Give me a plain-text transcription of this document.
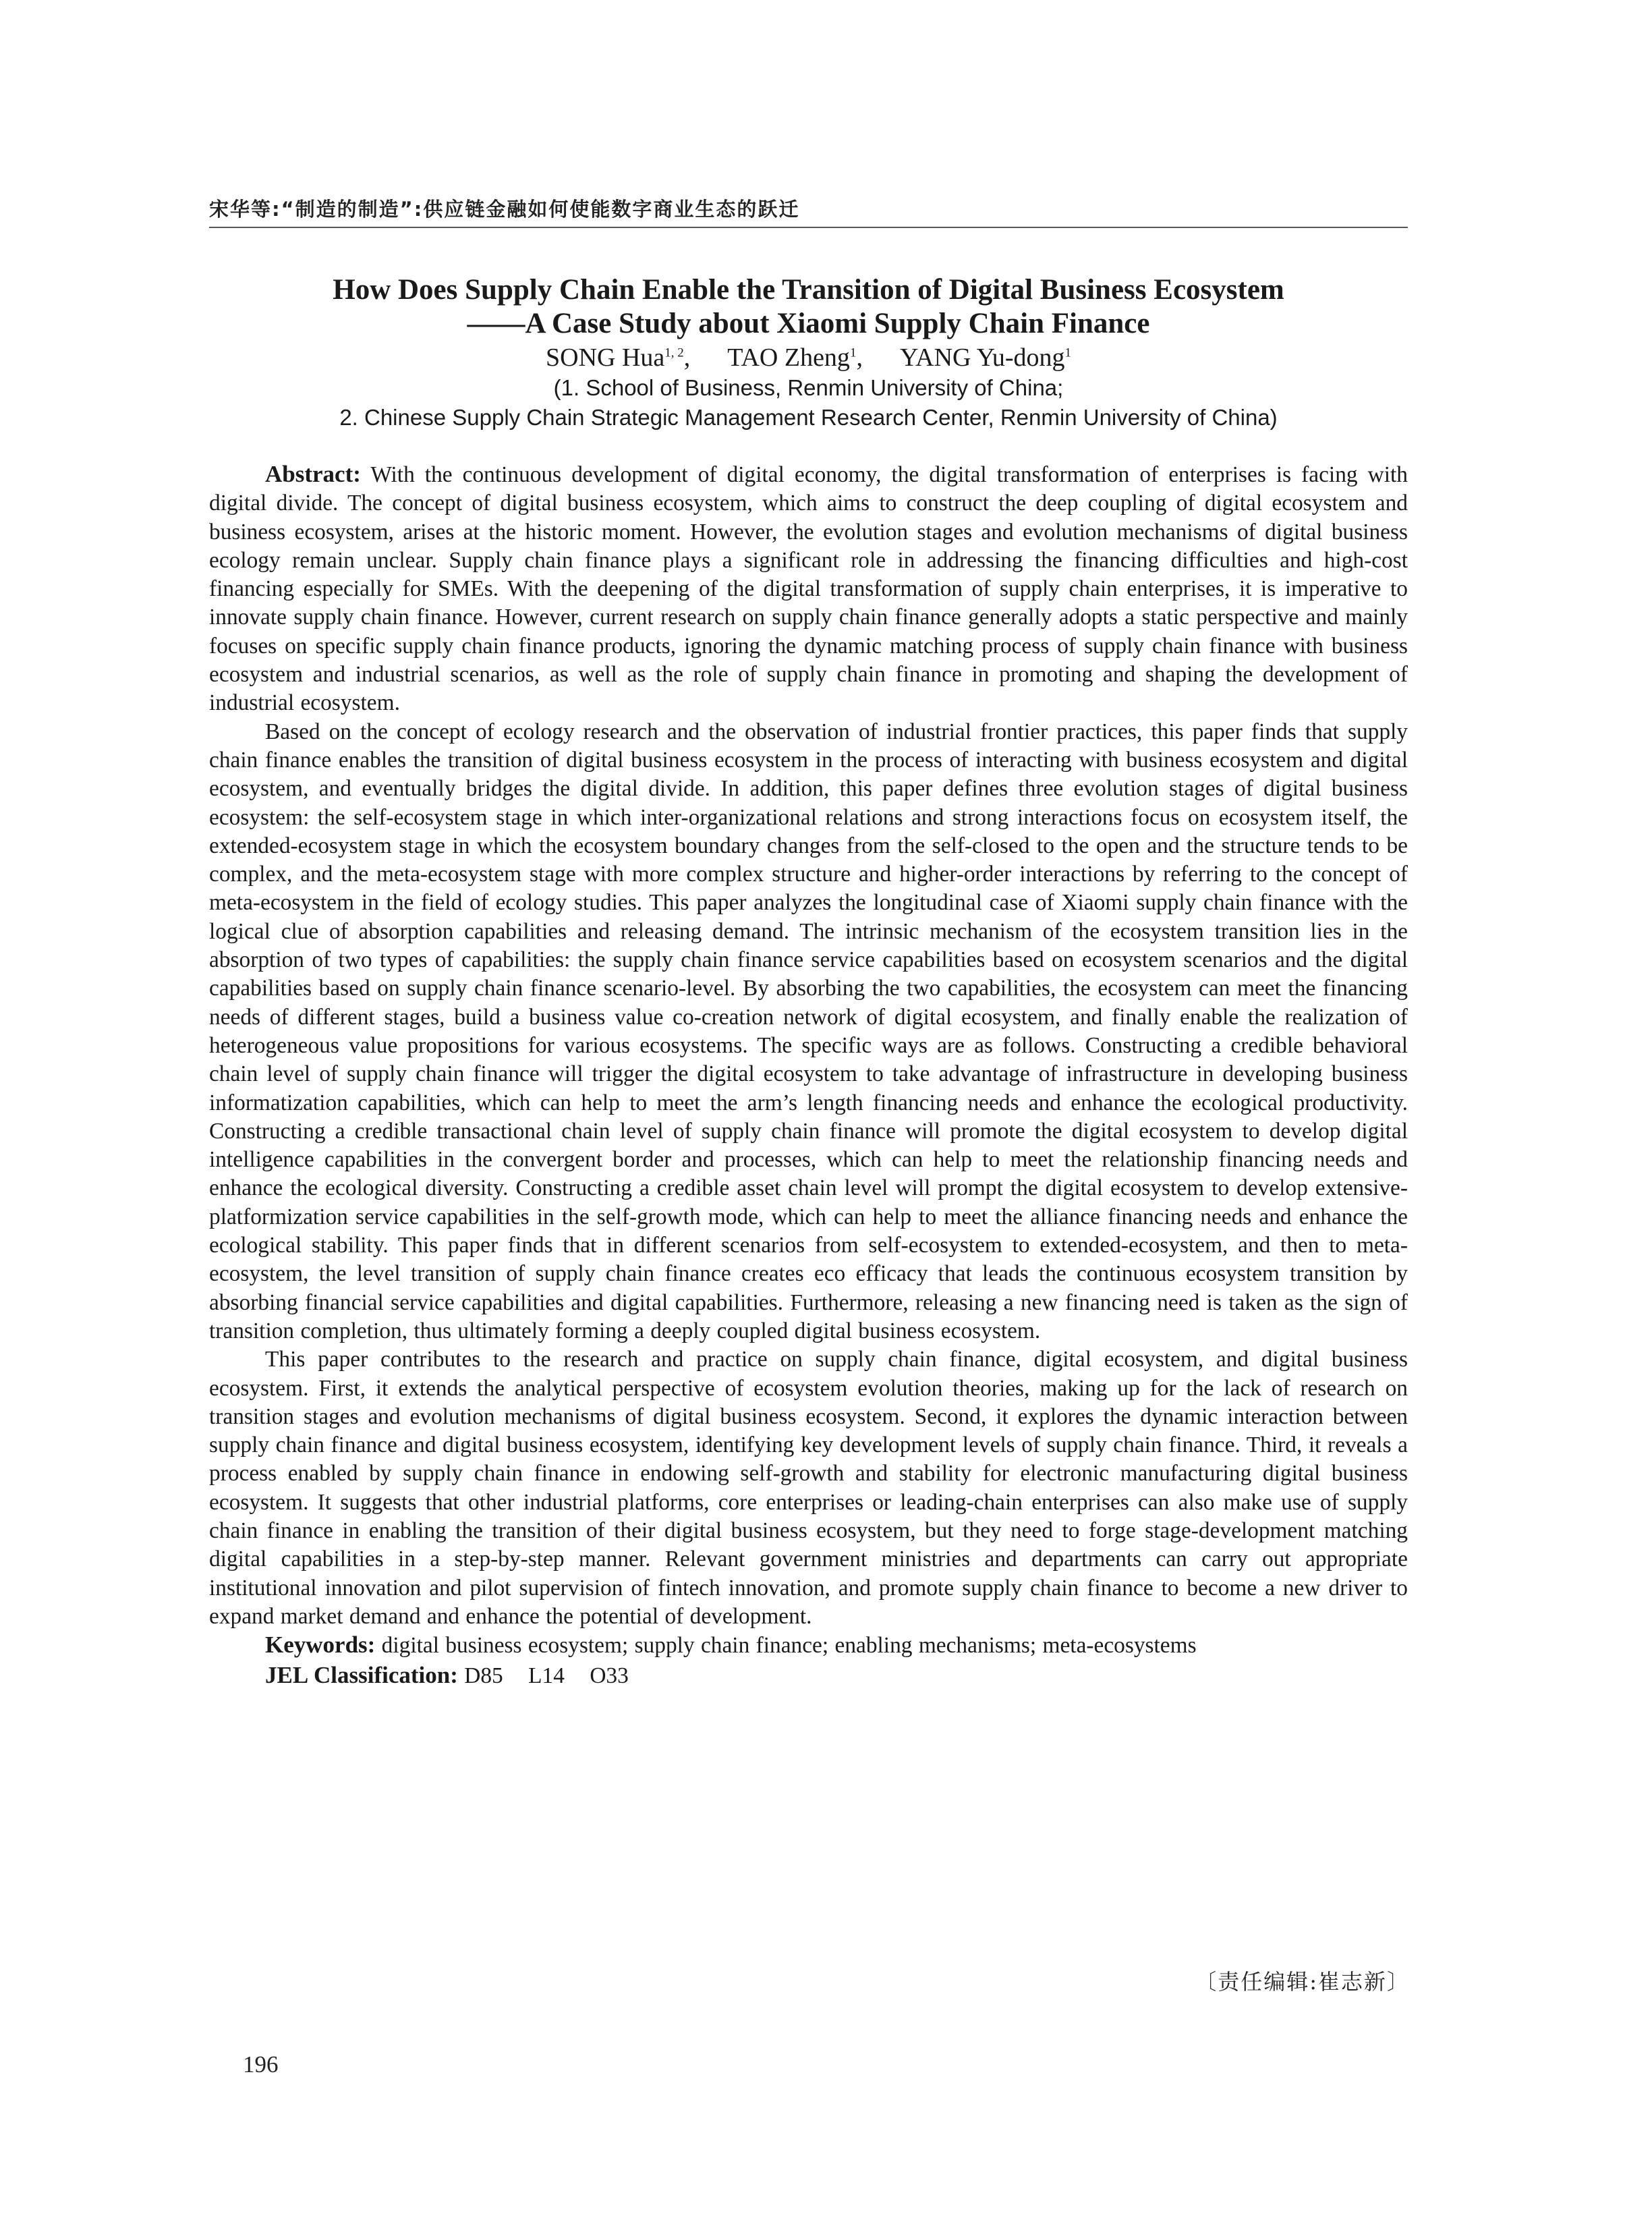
宋华等:“制造的制造”:供应链金融如何使能数字商业生态的跃迁
How Does Supply Chain Enable the Transition of Digital Business Ecosystem
——A Case Study about Xiaomi Supply Chain Finance
SONG Hua$^{1, 2}$, TAO Zheng$^1$, YANG Yu-dong$^1$
(1. School of Business, Renmin University of China;
2. Chinese Supply Chain Strategic Management Research Center, Renmin University of China)

Abstract: With the continuous development of digital economy, the digital transformation of enterprises is facing with digital divide. The concept of digital business ecosystem, which aims to construct the deep coupling of digital ecosystem and business ecosystem, arises at the historic moment. However, the evolution stages and evolution mechanisms of digital business ecology remain unclear. Supply chain finance plays a significant role in addressing the financing difficulties and high-cost financing especially for SMEs. With the deepening of the digital transformation of supply chain enterprises, it is imperative to innovate supply chain finance. However, current research on supply chain finance generally adopts a static perspective and mainly focuses on specific supply chain finance products, ignoring the dynamic matching process of supply chain finance with business ecosystem and industrial scenarios, as well as the role of supply chain finance in promoting and shaping the development of industrial ecosystem.

Based on the concept of ecology research and the observation of industrial frontier practices, this paper finds that supply chain finance enables the transition of digital business ecosystem in the process of interacting with business ecosystem and digital ecosystem, and eventually bridges the digital divide. In addition, this paper defines three evolution stages of digital business ecosystem: the self-ecosystem stage in which inter-organizational relations and strong interactions focus on ecosystem itself, the extended-ecosystem stage in which the ecosystem boundary changes from the self-closed to the open and the structure tends to be complex, and the meta-ecosystem stage with more complex structure and higher-order interactions by referring to the concept of meta-ecosystem in the field of ecology studies. This paper analyzes the longitudinal case of Xiaomi supply chain finance with the logical clue of absorption capabilities and releasing demand. The intrinsic mechanism of the ecosystem transition lies in the absorption of two types of capabilities: the supply chain finance service capabilities based on ecosystem scenarios and the digital capabilities based on supply chain finance scenario-level. By absorbing the two capabilities, the ecosystem can meet the financing needs of different stages, build a business value co-creation network of digital ecosystem, and finally enable the realization of heterogeneous value propositions for various ecosystems. The specific ways are as follows. Constructing a credible behavioral chain level of supply chain finance will trigger the digital ecosystem to take advantage of infrastructure in developing business informatization capabilities, which can help to meet the arm’s length financing needs and enhance the ecological productivity. Constructing a credible transactional chain level of supply chain finance will promote the digital ecosystem to develop digital intelligence capabilities in the convergent border and processes, which can help to meet the relationship financing needs and enhance the ecological diversity. Constructing a credible asset chain level will prompt the digital ecosystem to develop extensive-platformization service capabilities in the self-growth mode, which can help to meet the alliance financing needs and enhance the ecological stability. This paper finds that in different scenarios from self-ecosystem to extended-ecosystem, and then to meta-ecosystem, the level transition of supply chain finance creates eco efficacy that leads the continuous ecosystem transition by absorbing financial service capabilities and digital capabilities. Furthermore, releasing a new financing need is taken as the sign of transition completion, thus ultimately forming a deeply coupled digital business ecosystem.

This paper contributes to the research and practice on supply chain finance, digital ecosystem, and digital business ecosystem. First, it extends the analytical perspective of ecosystem evolution theories, making up for the lack of research on transition stages and evolution mechanisms of digital business ecosystem. Second, it explores the dynamic interaction between supply chain finance and digital business ecosystem, identifying key development levels of supply chain finance. Third, it reveals a process enabled by supply chain finance in endowing self-growth and stability for electronic manufacturing digital business ecosystem. It suggests that other industrial platforms, core enterprises or leading-chain enterprises can also make use of supply chain finance in enabling the transition of their digital business ecosystem, but they need to forge stage-development matching digital capabilities in a step-by-step manner. Relevant government ministries and departments can carry out appropriate institutional innovation and pilot supervision of fintech innovation, and promote supply chain finance to become a new driver to expand market demand and enhance the potential of development.

Keywords: digital business ecosystem; supply chain finance; enabling mechanisms; meta-ecosystems

JEL Classification: D85    L14    O33
〔责任编辑:崔志新〕
196
